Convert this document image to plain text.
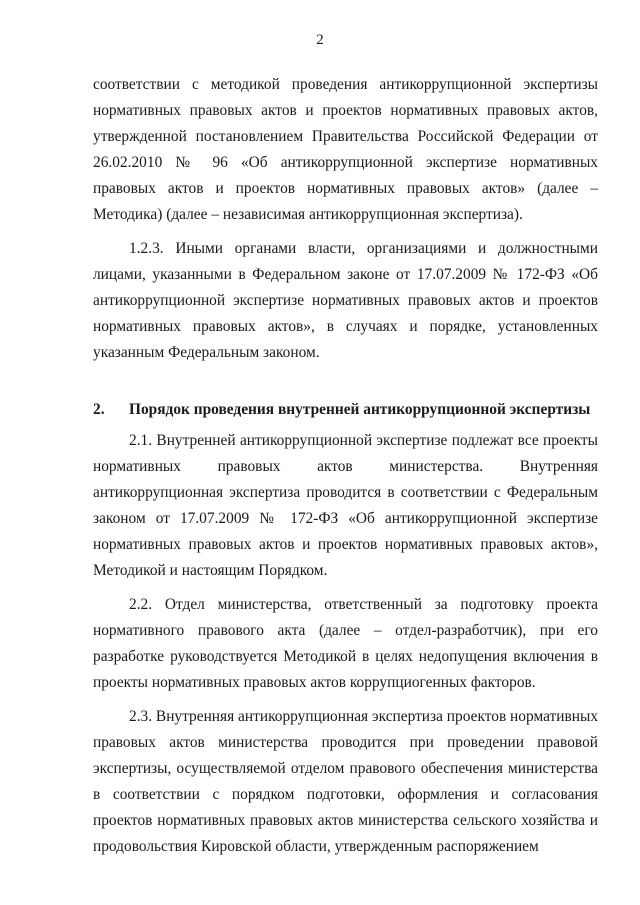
2

соответствии с методикой проведения антикоррупционной экспертизы нормативных правовых актов и проектов нормативных правовых актов, утвержденной постановлением Правительства Российской Федерации от 26.02.2010 № 96 «Об антикоррупционной экспертизе нормативных правовых актов и проектов нормативных правовых актов» (далее – Методика) (далее – независимая антикоррупционная экспертиза).

1.2.3. Иными органами власти, организациями и должностными лицами, указанными в Федеральном законе от 17.07.2009 № 172-ФЗ «Об антикоррупционной экспертизе нормативных правовых актов и проектов нормативных правовых актов», в случаях и порядке, установленных указанным Федеральным законом.

2.	Порядок проведения внутренней антикоррупционной экспертизы

2.1. Внутренней антикоррупционной экспертизе подлежат все проекты нормативных правовых актов министерства. Внутренняя антикоррупционная экспертиза проводится в соответствии с Федеральным законом от 17.07.2009 № 172-ФЗ «Об антикоррупционной экспертизе нормативных правовых актов и проектов нормативных правовых актов», Методикой и настоящим Порядком.

2.2. Отдел министерства, ответственный за подготовку проекта нормативного правового акта (далее – отдел-разработчик), при его разработке руководствуется Методикой в целях недопущения включения в проекты нормативных правовых актов коррупциогенных факторов.

2.3. Внутренняя антикоррупционная экспертиза проектов нормативных правовых актов министерства проводится при проведении правовой экспертизы, осуществляемой отделом правового обеспечения министерства в соответствии с порядком подготовки, оформления и согласования проектов нормативных правовых актов министерства сельского хозяйства и продовольствия Кировской области, утвержденным распоряжением
